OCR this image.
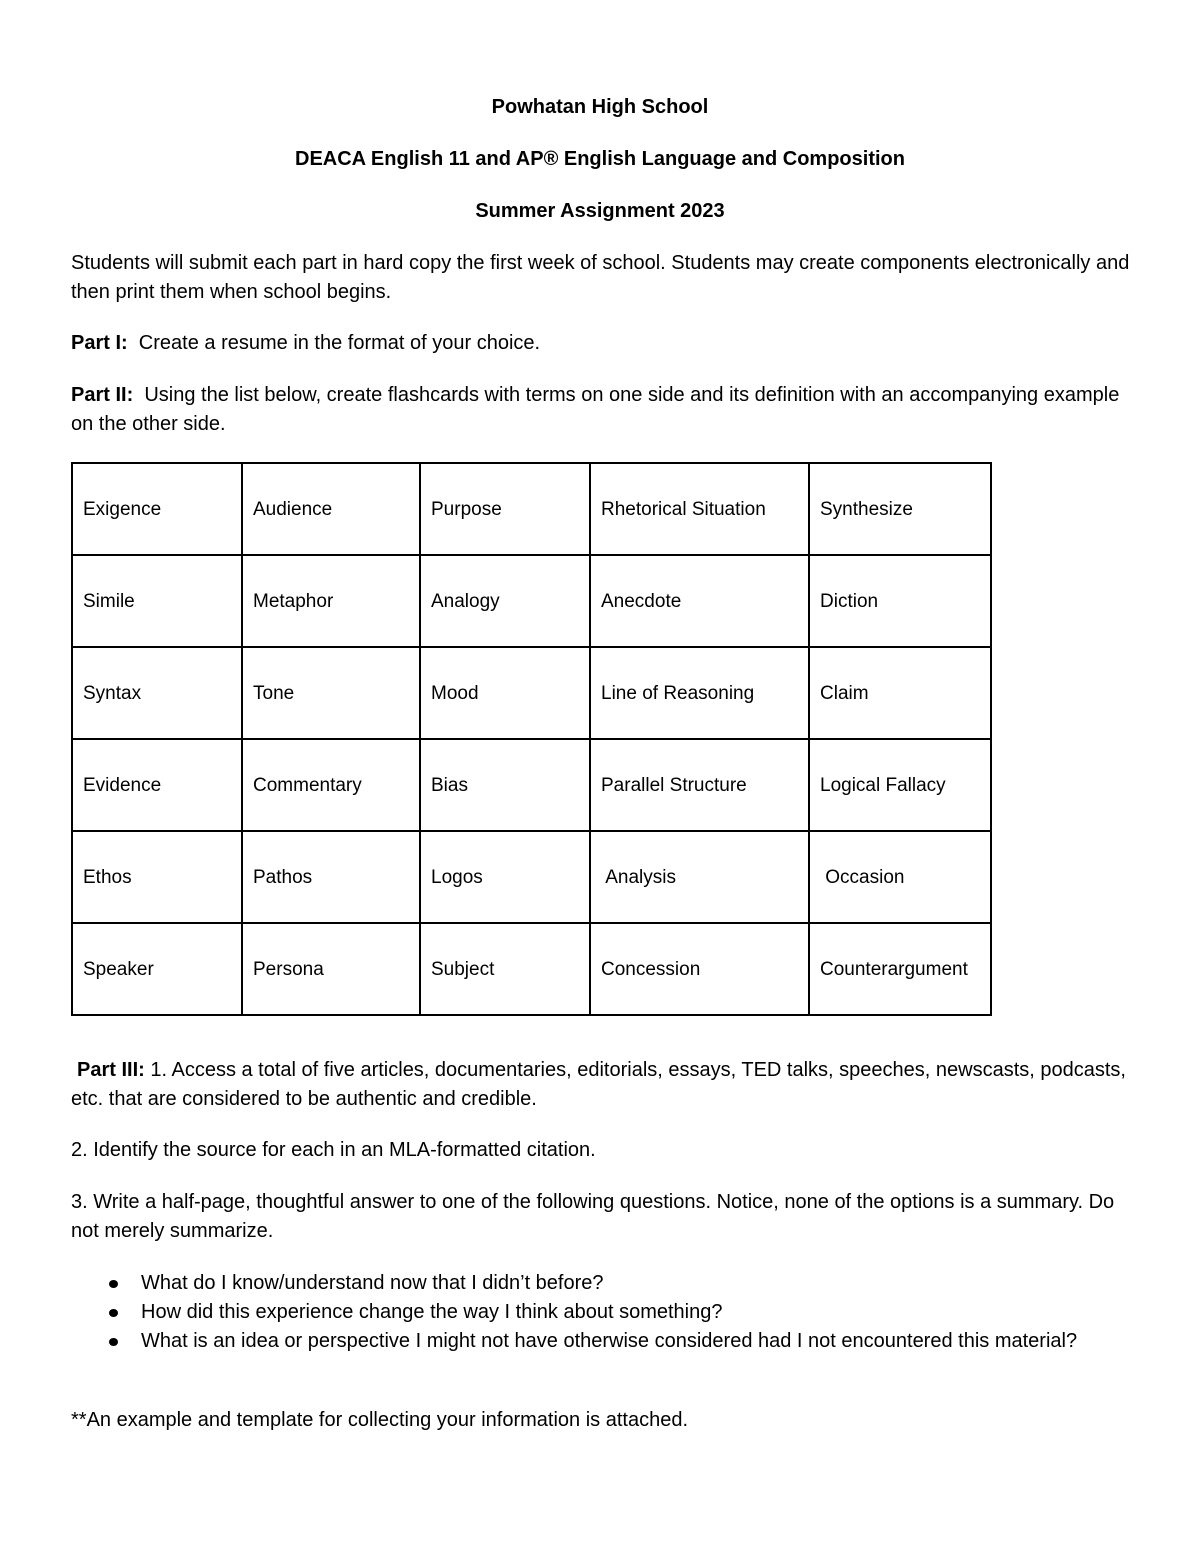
Powhatan High School
DEACA English 11 and AP® English Language and Composition
Summer Assignment 2023
Students will submit each part in hard copy the first week of school. Students may create components electronically and then print them when school begins.
Part I:  Create a resume in the format of your choice.
Part II:  Using the list below, create flashcards with terms on one side and its definition with an accompanying example on the other side.
Exigence	Audience	Purpose	Rhetorical Situation	Synthesize
Simile	Metaphor	Analogy	Anecdote	Diction
Syntax	Tone	Mood	Line of Reasoning	Claim
Evidence	Commentary	Bias	Parallel Structure	Logical Fallacy
Ethos	Pathos	Logos	Analysis	Occasion
Speaker	Persona	Subject	Concession	Counterargument
Part III: 1. Access a total of five articles, documentaries, editorials, essays, TED talks, speeches, newscasts, podcasts, etc. that are considered to be authentic and credible.
2. Identify the source for each in an MLA-formatted citation.
3. Write a half-page, thoughtful answer to one of the following questions. Notice, none of the options is a summary. Do not merely summarize.
What do I know/understand now that I didn’t before?
How did this experience change the way I think about something?
What is an idea or perspective I might not have otherwise considered had I not encountered this material?
**An example and template for collecting your information is attached.
